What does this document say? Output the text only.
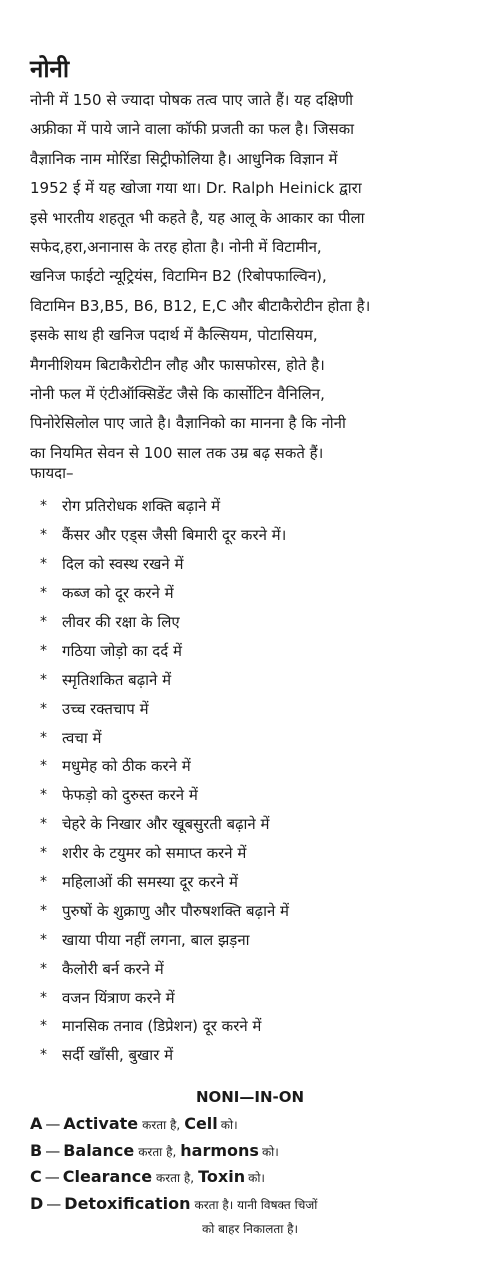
नोनी
नोनी में 150 से ज्यादा पोषक तत्व पाए जाते हैं। यह दक्षिणी
अफ्रीका में पाये जाने वाला कॉफी प्रजती का फल है। जिसका
वैज्ञानिक नाम मोरिंडा सिट्रीफोलिया है। आधुनिक विज्ञान में
1952 ई में यह खोजा गया था। Dr. Ralph Heinick द्वारा
इसे भारतीय शहतूत भी कहते है, यह आलू के आकार का पीला
सफेद,हरा,अनानास के तरह होता है। नोनी में विटामीन,
खनिज फाईटो न्यूट्रियंस, विटामिन B2 (रिबोपफाल्विन),
विटामिन B3,B5, B6, B12, E,C और बीटाकैरोटीन होता है।
इसके साथ ही खनिज पदार्थ में कैल्सियम, पोटासियम,
मैगनीशियम बिटाकैरोटीन लौह और फासफोरस, होते है।
नोनी फल में एंटीऑक्सिडेंट जैसे कि कार्सोटिन वैनिलिन,
पिनोरेसिलोल पाए जाते है। वैज्ञानिको का मानना है कि नोनी
का नियमित सेवन से 100 साल तक उम्र बढ़ सकते हैं।
फायदा–
*	रोग प्रतिरोधक शक्ति बढ़ाने में
*	कैंसर और एड्स जैसी बिमारी दूर करने में।
*	दिल को स्वस्थ रखने में
*	कब्ज को दूर करने में
*	लीवर की रक्षा के लिए
*	गठिया जोड़ो का दर्द में
*	स्मृतिशकित बढ़ाने में
*	उच्च रक्तचाप में
*	त्वचा में
*	मधुमेह को ठीक करने में
*	फेफड़ो को दुरुस्त करने में
*	चेहरे के निखार और खूबसुरती बढ़ाने में
*	शरीर के टयुमर को समाप्त करने में
*	महिलाओं की समस्या दूर करने में
*	पुरुषों के शुक्राणु और पौरुषशक्ति बढ़ाने में
*	खाया पीया नहीं लगना, बाल झड़ना
*	कैलोरी बर्न करने में
*	वजन यिंत्राण करने में
*	मानसिक तनाव (डिप्रेशन) दूर करने में
*	सर्दी खाँसी, बुखार में
NONI—IN-ON
A — Activate करता है, Cell को।
B — Balance करता है, harmons को।
C — Clearance करता है, Toxin को।
D — Detoxification करता है। यानी विषक्त चिजों
को बाहर निकालता है।
